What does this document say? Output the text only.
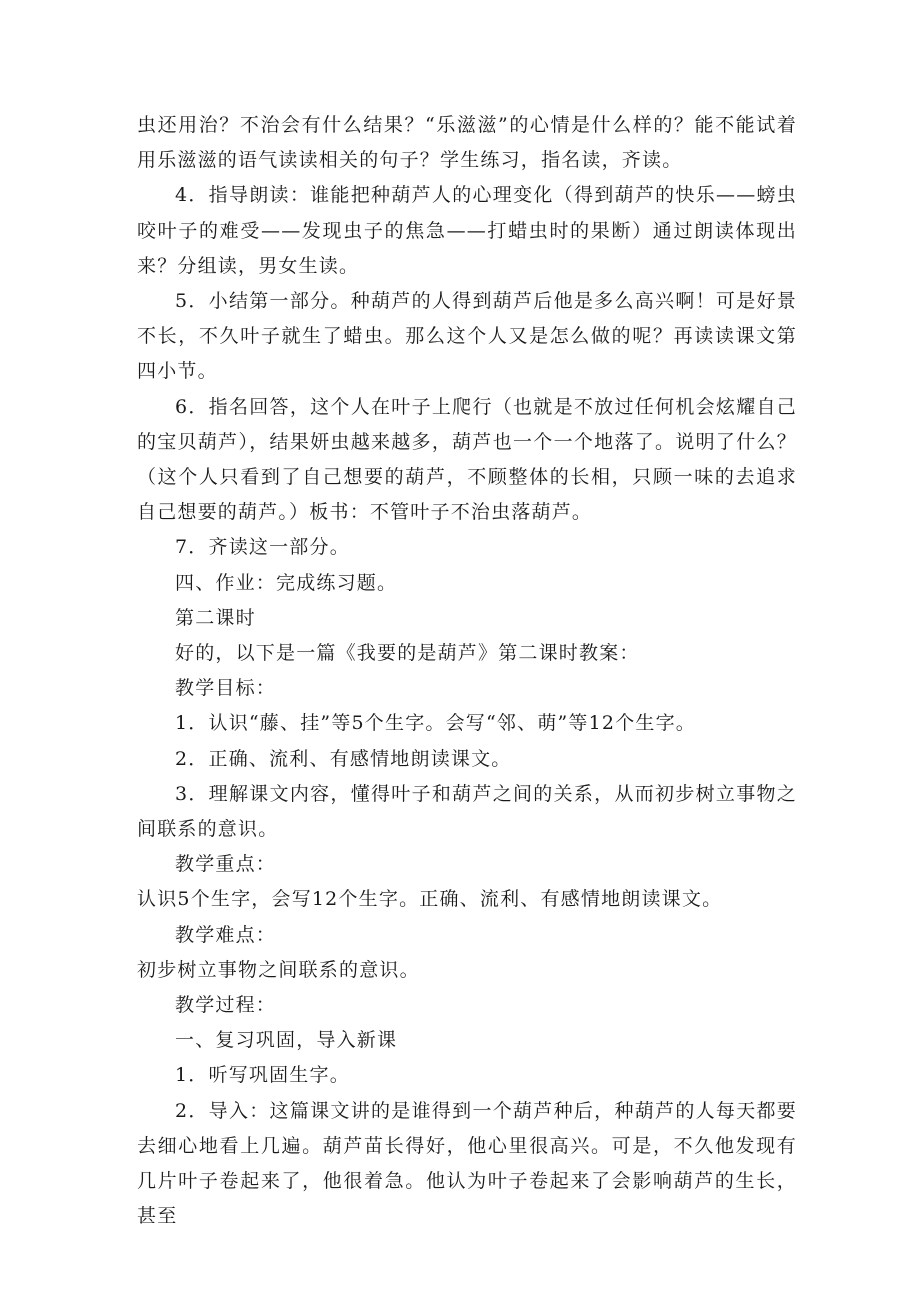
虫还用治？不治会有什么结果？“乐滋滋”的心情是什么样的？能不能试着用乐滋滋的语气读读相关的句子？学生练习，指名读，齐读。

4．指导朗读：谁能把种葫芦人的心理变化（得到葫芦的快乐——螃虫咬叶子的难受——发现虫子的焦急——打蜡虫时的果断）通过朗读体现出来？分组读，男女生读。

5．小结第一部分。种葫芦的人得到葫芦后他是多么高兴啊！可是好景不长，不久叶子就生了蜡虫。那么这个人又是怎么做的呢？再读读课文第四小节。

6．指名回答，这个人在叶子上爬行（也就是不放过任何机会炫耀自己的宝贝葫芦），结果妍虫越来越多，葫芦也一个一个地落了。说明了什么？（这个人只看到了自己想要的葫芦，不顾整体的长相，只顾一味的去追求自己想要的葫芦。）板书：不管叶子不治虫落葫芦。

7．齐读这一部分。

四、作业：完成练习题。

第二课时

好的，以下是一篇《我要的是葫芦》第二课时教案：

教学目标：

1．认识“藤、挂”等5个生字。会写“邻、萌”等12个生字。

2．正确、流利、有感情地朗读课文。

3．理解课文内容，懂得叶子和葫芦之间的关系，从而初步树立事物之间联系的意识。

教学重点：

认识5个生字，会写12个生字。正确、流利、有感情地朗读课文。

教学难点：

初步树立事物之间联系的意识。

教学过程：

一、复习巩固，导入新课

1．听写巩固生字。

2．导入：这篇课文讲的是谁得到一个葫芦种后，种葫芦的人每天都要去细心地看上几遍。葫芦苗长得好，他心里很高兴。可是，不久他发现有几片叶子卷起来了，他很着急。他认为叶子卷起来了会影响葫芦的生长，甚至
